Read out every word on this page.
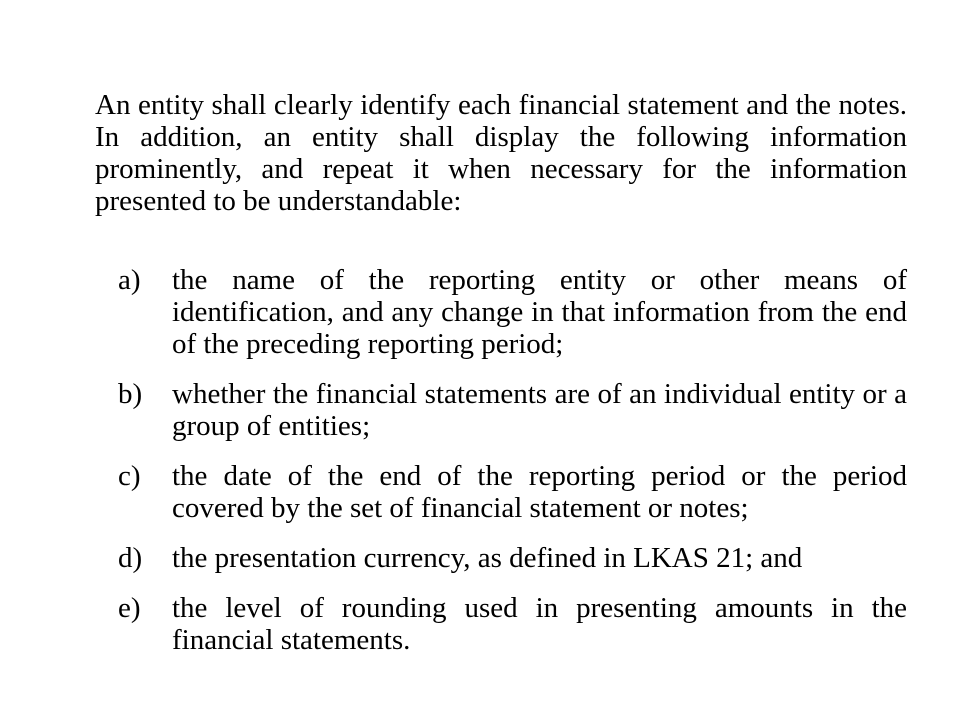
An entity shall clearly identify each financial statement and the notes. In addition, an entity shall display the following information prominently, and repeat it when necessary for the information presented to be understandable:

a)	the name of the reporting entity or other means of identification, and any change in that information from the end of the preceding reporting period;
b)	whether the financial statements are of an individual entity or a group of entities;
c)	the date of the end of the reporting period or the period covered by the set of financial statement or notes;
d)	the presentation currency, as defined in LKAS 21; and
e)	the level of rounding used in presenting amounts in the financial statements.
